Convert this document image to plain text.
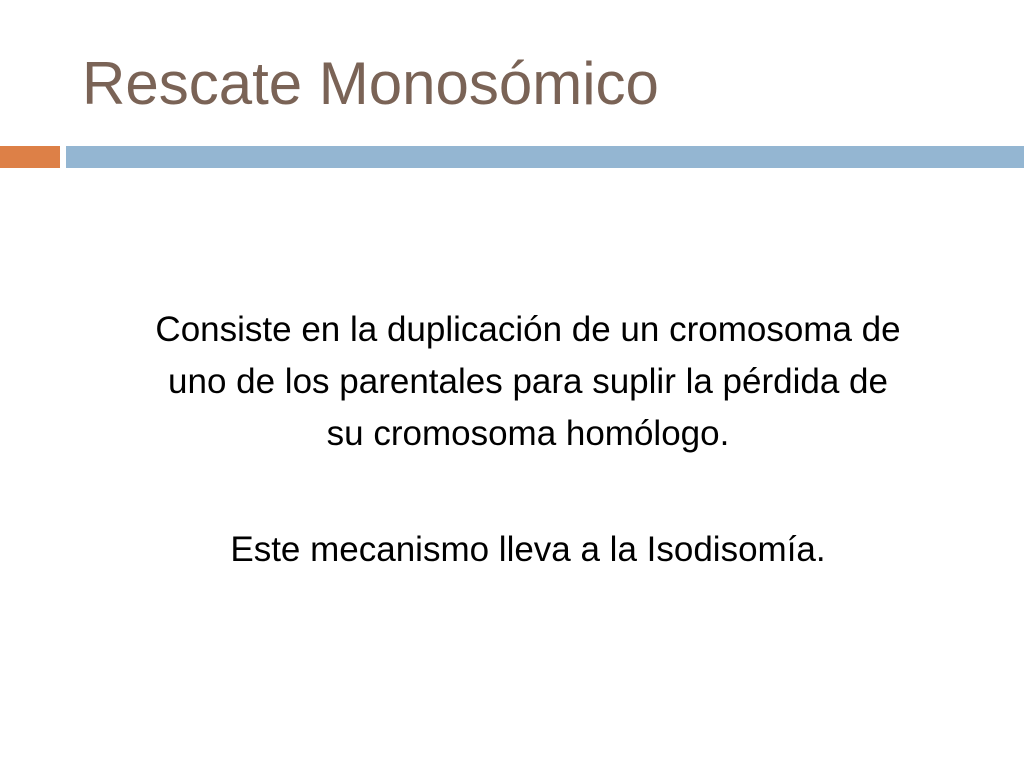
Rescate Monosómico

Consiste en la duplicación de un cromosoma de
uno de los parentales para suplir la pérdida de
su cromosoma homólogo.

Este mecanismo lleva a la Isodisomía.
